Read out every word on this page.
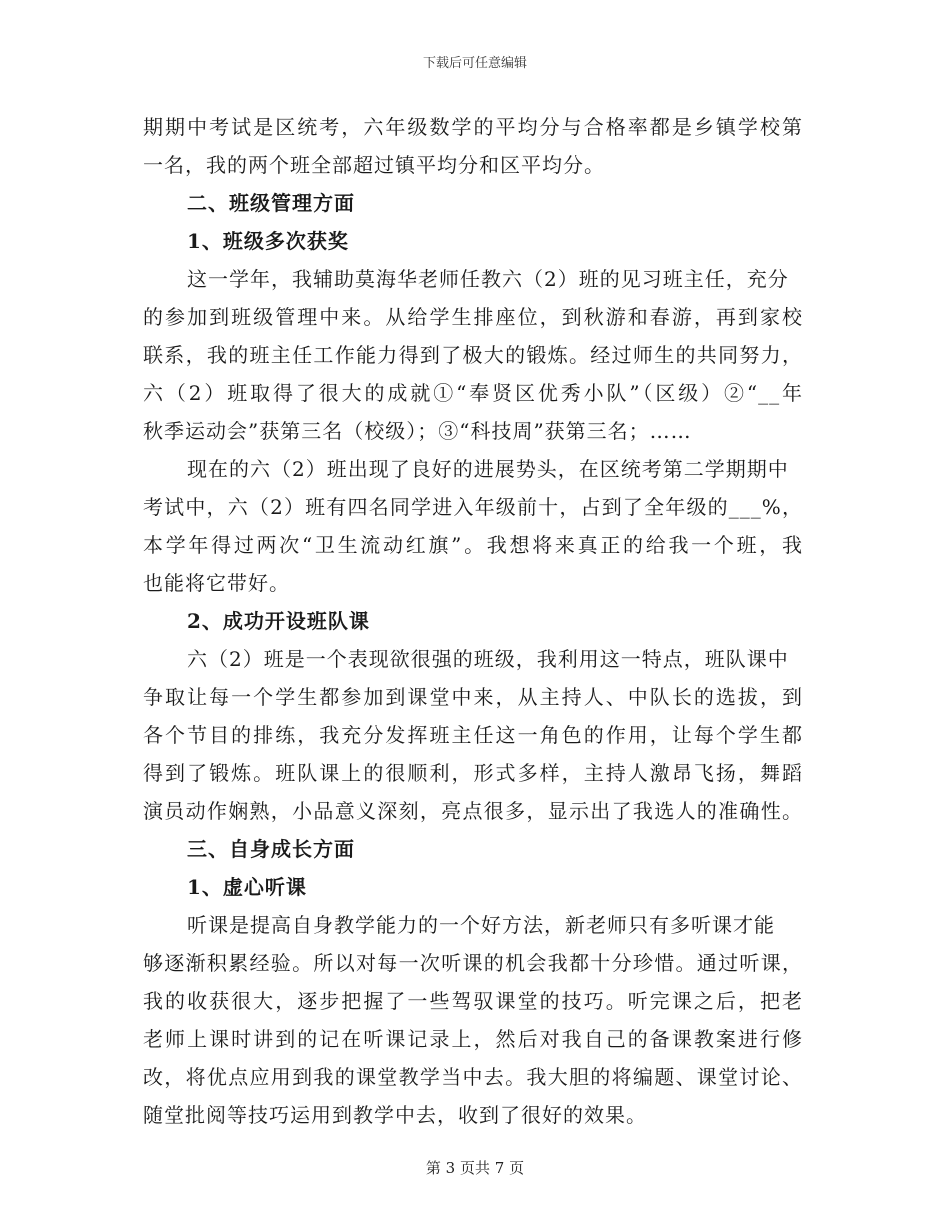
下载后可任意编辑
期期中考试是区统考，六年级数学的平均分与合格率都是乡镇学校第
一名，我的两个班全部超过镇平均分和区平均分。
二、班级管理方面
1、班级多次获奖
这一学年，我辅助莫海华老师任教六（2）班的见习班主任，充分
的参加到班级管理中来。从给学生排座位，到秋游和春游，再到家校
联系，我的班主任工作能力得到了极大的锻炼。经过师生的共同努力，
六（2）班取得了很大的成就①“奉贤区优秀小队”（区级）②“__年
秋季运动会”获第三名（校级）；③“科技周”获第三名；……
现在的六（2）班出现了良好的进展势头，在区统考第二学期期中
考试中，六（2）班有四名同学进入年级前十，占到了全年级的___%，
本学年得过两次“卫生流动红旗”。我想将来真正的给我一个班，我
也能将它带好。
2、成功开设班队课
六（2）班是一个表现欲很强的班级，我利用这一特点，班队课中
争取让每一个学生都参加到课堂中来，从主持人、中队长的选拔，到
各个节目的排练，我充分发挥班主任这一角色的作用，让每个学生都
得到了锻炼。班队课上的很顺利，形式多样，主持人激昂飞扬，舞蹈
演员动作娴熟，小品意义深刻，亮点很多，显示出了我选人的准确性。
三、自身成长方面
1、虚心听课
听课是提高自身教学能力的一个好方法，新老师只有多听课才能
够逐渐积累经验。所以对每一次听课的机会我都十分珍惜。通过听课，
我的收获很大，逐步把握了一些驾驭课堂的技巧。听完课之后，把老
老师上课时讲到的记在听课记录上，然后对我自己的备课教案进行修
改，将优点应用到我的课堂教学当中去。我大胆的将编题、课堂讨论、
随堂批阅等技巧运用到教学中去，收到了很好的效果。
第 3 页共 7 页
